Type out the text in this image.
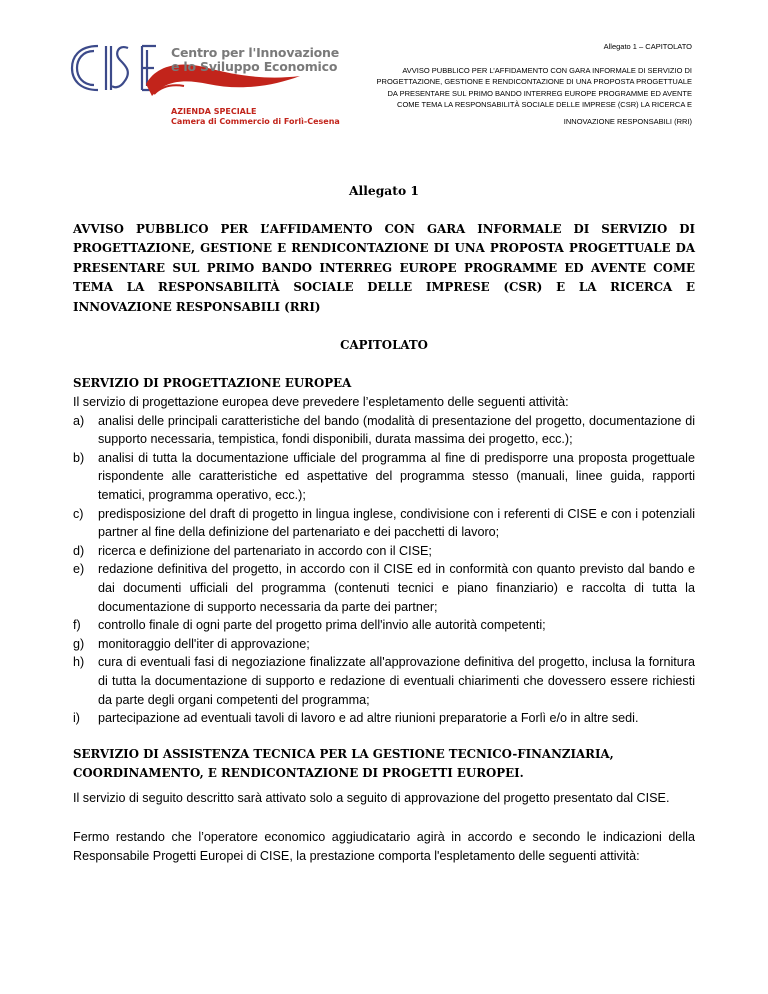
Centro per l'Innovazione
e lo Sviluppo Economico
AZIENDA SPECIALE
Camera di Commercio di Forlì-Cesena
Allegato 1 – CAPITOLATO
AVVISO PUBBLICO PER L’AFFIDAMENTO CON GARA INFORMALE DI SERVIZIO DI
PROGETTAZIONE, GESTIONE E RENDICONTAZIONE DI UNA PROPOSTA PROGETTUALE
DA PRESENTARE SUL PRIMO BANDO INTERREG EUROPE PROGRAMME ED AVENTE
COME TEMA LA RESPONSABILITÀ SOCIALE DELLE IMPRESE (CSR) LA RICERCA E
INNOVAZIONE RESPONSABILI (RRI)

Allegato 1

AVVISO PUBBLICO PER L’AFFIDAMENTO CON GARA INFORMALE DI SERVIZIO DI PROGETTAZIONE, GESTIONE E RENDICONTAZIONE DI UNA PROPOSTA PROGETTUALE DA PRESENTARE SUL PRIMO BANDO INTERREG EUROPE PROGRAMME ED AVENTE COME TEMA LA RESPONSABILITÀ SOCIALE DELLE IMPRESE (CSR) E LA RICERCA E INNOVAZIONE RESPONSABILI (RRI)

CAPITOLATO

SERVIZIO DI PROGETTAZIONE EUROPEA

Il servizio di progettazione europea deve prevedere l’espletamento delle seguenti attività:

a) analisi delle principali caratteristiche del bando (modalità di presentazione del progetto, documentazione di supporto necessaria, tempistica, fondi disponibili, durata massima dei progetto, ecc.);
b) analisi di tutta la documentazione ufficiale del programma al fine di predisporre una proposta progettuale rispondente alle caratteristiche ed aspettative del programma stesso (manuali, linee guida, rapporti tematici, programma operativo, ecc.);
c) predisposizione del draft di progetto in lingua inglese, condivisione con i referenti di CISE e con i potenziali partner al fine della definizione del partenariato e dei pacchetti di lavoro;
d) ricerca e definizione del partenariato in accordo con il CISE;
e) redazione definitiva del progetto, in accordo con il CISE ed in conformità con quanto previsto dal bando e dai documenti ufficiali del programma (contenuti tecnici e piano finanziario) e raccolta di tutta la documentazione di supporto necessaria da parte dei partner;
f) controllo finale di ogni parte del progetto prima dell'invio alle autorità competenti;
g) monitoraggio dell'iter di approvazione;
h) cura di eventuali fasi di negoziazione finalizzate all'approvazione definitiva del progetto, inclusa la fornitura di tutta la documentazione di supporto e redazione di eventuali chiarimenti che dovessero essere richiesti da parte degli organi competenti del programma;
i) partecipazione ad eventuali tavoli di lavoro e ad altre riunioni preparatorie a Forlì e/o in altre sedi.

SERVIZIO DI ASSISTENZA TECNICA PER LA GESTIONE TECNICO-FINANZIARIA, COORDINAMENTO, E RENDICONTAZIONE DI PROGETTI EUROPEI.

Il servizio di seguito descritto sarà attivato solo a seguito di approvazione del progetto presentato dal CISE.

Fermo restando che l’operatore economico aggiudicatario agirà in accordo e secondo le indicazioni della Responsabile Progetti Europei di CISE, la prestazione comporta l'espletamento delle seguenti attività:
